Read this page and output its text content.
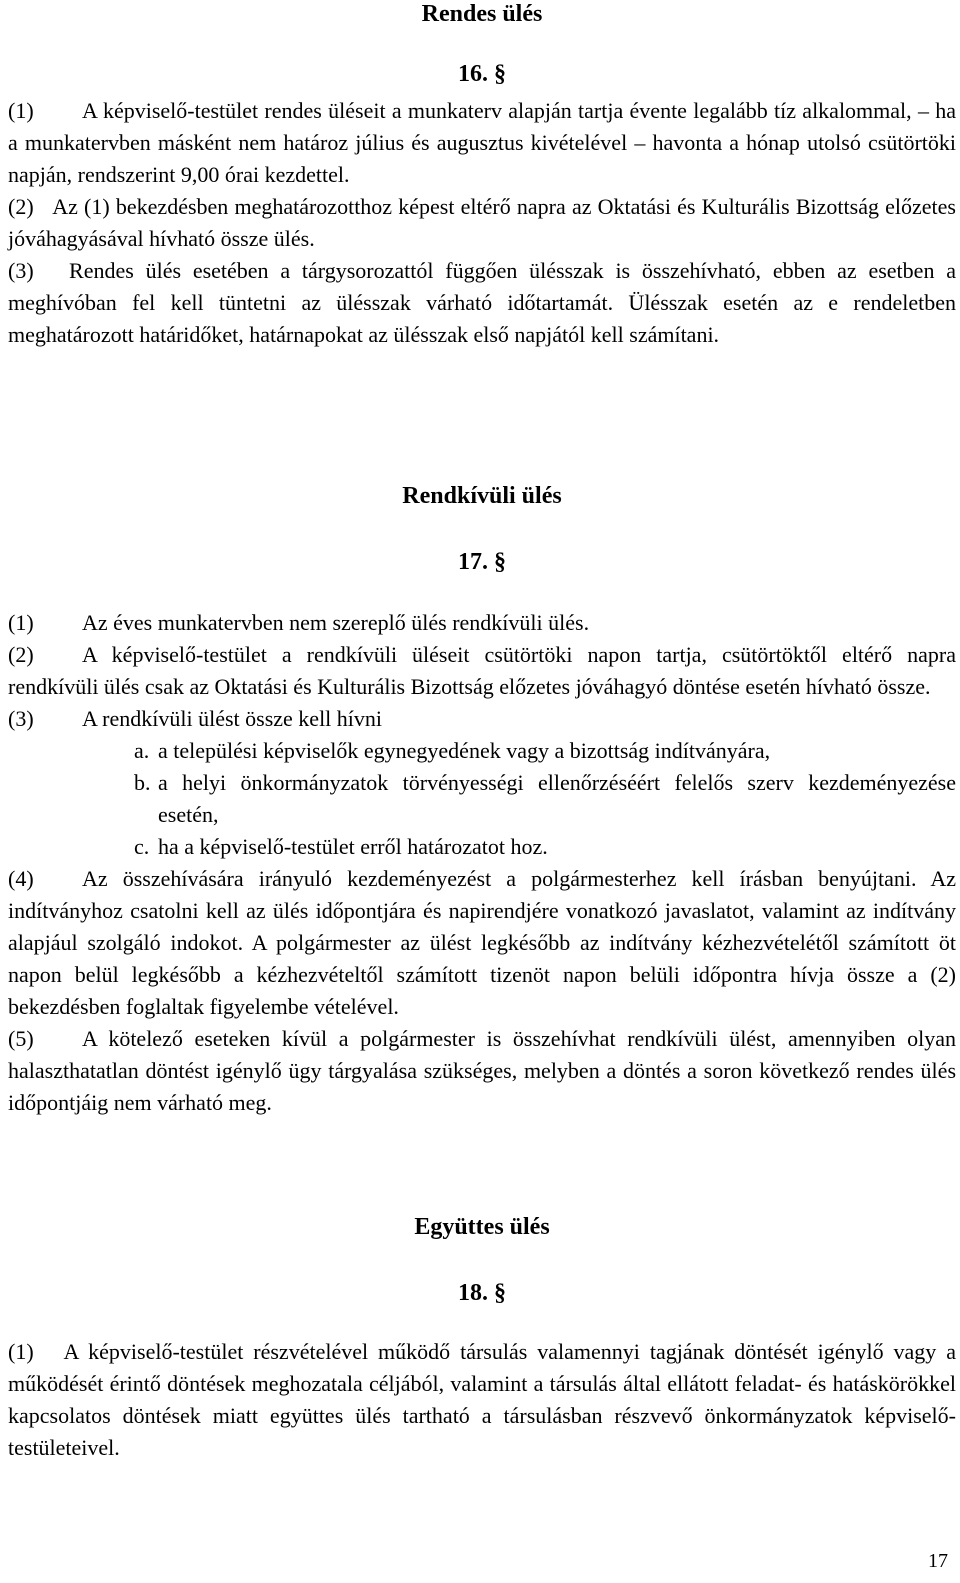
Rendes ülés

16. §

(1) A képviselő-testület rendes üléseit a munkaterv alapján tartja évente legalább tíz alkalommal, – ha a munkatervben másként nem határoz július és augusztus kivételével – havonta a hónap utolsó csütörtöki napján, rendszerint 9,00 órai kezdettel.

(2) Az (1) bekezdésben meghatározotthoz képest eltérő napra az Oktatási és Kulturális Bizottság előzetes jóváhagyásával hívható össze ülés.

(3) Rendes ülés esetében a tárgysorozattól függően ülésszak is összehívható, ebben az esetben a meghívóban fel kell tüntetni az ülésszak várható időtartamát. Ülésszak esetén az e rendeletben meghatározott határidőket, határnapokat az ülésszak első napjától kell számítani.

Rendkívüli ülés

17. §

(1) Az éves munkatervben nem szereplő ülés rendkívüli ülés.

(2) A képviselő-testület a rendkívüli üléseit csütörtöki napon tartja, csütörtöktől eltérő napra rendkívüli ülés csak az Oktatási és Kulturális Bizottság előzetes jóváhagyó döntése esetén hívható össze.

(3) A rendkívüli ülést össze kell hívni

a. a települési képviselők egynegyedének vagy a bizottság indítványára,

b. a helyi önkormányzatok törvényességi ellenőrzéséért felelős szerv kezdeményezése esetén,

c. ha a képviselő-testület erről határozatot hoz.

(4) Az összehívására irányuló kezdeményezést a polgármesterhez kell írásban benyújtani. Az indítványhoz csatolni kell az ülés időpontjára és napirendjére vonatkozó javaslatot, valamint az indítvány alapjául szolgáló indokot. A polgármester az ülést legkésőbb az indítvány kézhezvételétől számított öt napon belül legkésőbb a kézhezvételtől számított tizenöt napon belüli időpontra hívja össze a (2) bekezdésben foglaltak figyelembe vételével.

(5) A kötelező eseteken kívül a polgármester is összehívhat rendkívüli ülést, amennyiben olyan halaszthatatlan döntést igénylő ügy tárgyalása szükséges, melyben a döntés a soron következő rendes ülés időpontjáig nem várható meg.

Együttes ülés

18. §

(1) A képviselő-testület részvételével működő társulás valamennyi tagjának döntését igénylő vagy a működését érintő döntések meghozatala céljából, valamint a társulás által ellátott feladat- és hatáskörökkel kapcsolatos döntések miatt együttes ülés tartható a társulásban részvevő önkormányzatok képviselő-testületeivel.

17
